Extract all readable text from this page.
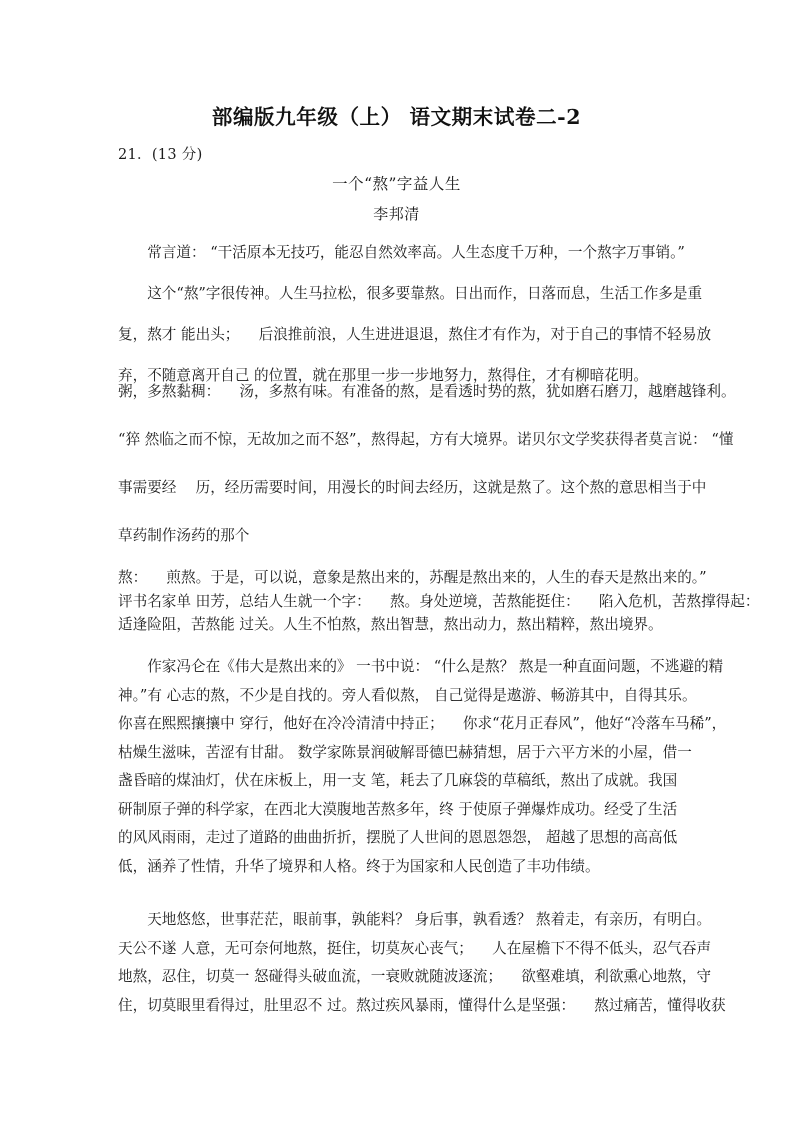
部编版九年级（上） 语文期末试卷二-2
21．(13 分)
一个“熬”字益人生
李邦清
　　常言道： “干活原本无技巧，能忍自然效率高。人生态度千万种，一个熬字万事销。”
　　这个“熬”字很传神。人生马拉松，很多要靠熬。日出而作，日落而息，生活工作多是重
复，熬才 能出头； 　后浪推前浪，人生进进退退，熬住才有作为，对于自己的事情不轻易放
弃，不随意离开自己 的位置，就在那里一步一步地努力，熬得住，才有柳暗花明。
粥，多熬黏稠： 　汤，多熬有味。有准备的熬，是看透时势的熬，犹如磨石磨刀，越磨越锋利。
“猝 然临之而不惊，无故加之而不怒”，熬得起，方有大境界。诺贝尔文学奖获得者莫言说： “懂
事需要经 　历，经历需要时间，用漫长的时间去经历，这就是熬了。这个熬的意思相当于中
草药制作汤药的那个
熬： 　煎熬。于是，可以说，意象是熬出来的，苏醒是熬出来的，人生的春天是熬出来的。”
评书名家单 田芳，总结人生就一个字： 　熬。身处逆境，苦熬能挺住： 　陷入危机，苦熬撑得起：
适逢险阻，苦熬能 过关。人生不怕熬，熬出智慧，熬出动力，熬出精粹，熬出境界。
　　作家冯仑在《伟大是熬出来的》 一书中说： “什么是熬？ 熬是一种直面问题，不逃避的精
神。”有 心志的熬，不少是自找的。旁人看似熬， 自己觉得是遨游、畅游其中，自得其乐。
你喜在熙熙攘攘中 穿行，他好在冷冷清清中持正； 　你求“花月正春风”，他好“冷落车马稀”，
枯燥生滋味，苦涩有甘甜。 数学家陈景润破解哥德巴赫猜想，居于六平方米的小屋，借一
盏昏暗的煤油灯，伏在床板上，用一支 笔，耗去了几麻袋的草稿纸，熬出了成就。我国
研制原子弹的科学家，在西北大漠腹地苦熬多年，终 于使原子弹爆炸成功。经受了生活
的风风雨雨，走过了道路的曲曲折折，摆脱了人世间的恩恩怨怨， 超越了思想的高高低
低，涵养了性情，升华了境界和人格。终于为国家和人民创造了丰功伟绩。
　　天地悠悠，世事茫茫，眼前事，孰能料？ 身后事，孰看透？ 熬着走，有亲历，有明白。
天公不遂 人意，无可奈何地熬，挺住，切莫灰心丧气； 　人在屋檐下不得不低头，忍气吞声
地熬，忍住，切莫一 怒碰得头破血流，一衰败就随波逐流； 　欲壑难填，利欲熏心地熬，守
住，切莫眼里看得过，肚里忍不 过。熬过疾风暴雨，懂得什么是坚强： 　熬过痛苦，懂得收获
